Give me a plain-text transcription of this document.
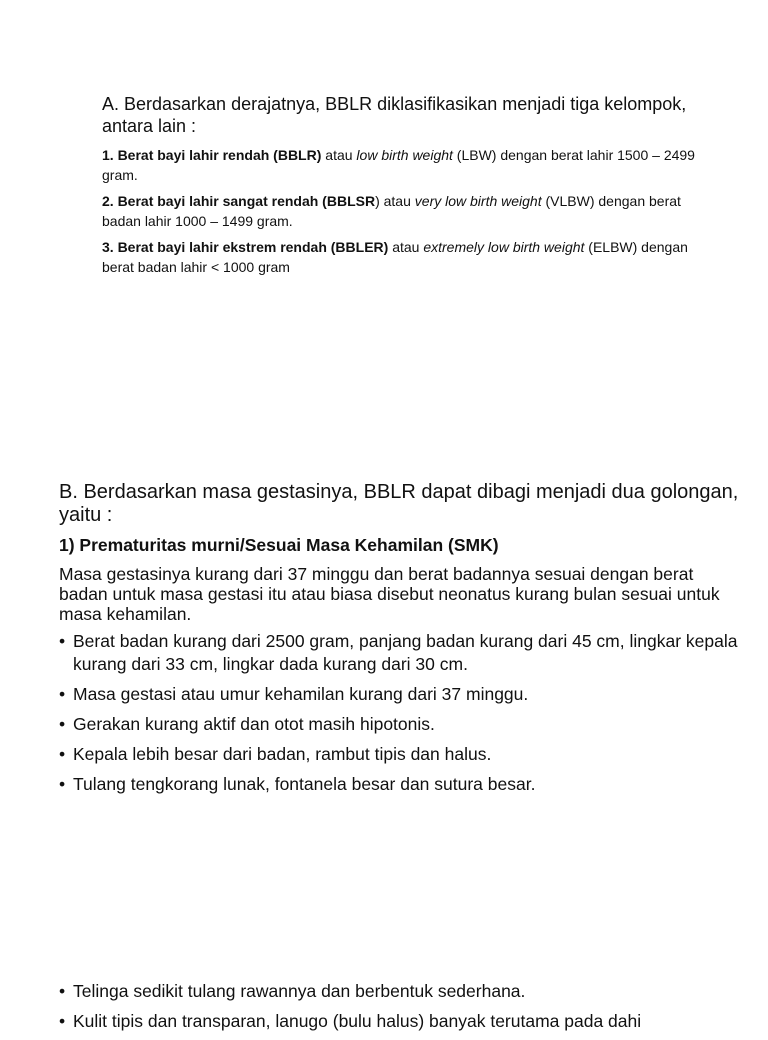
A. Berdasarkan derajatnya, BBLR diklasifikasikan menjadi tiga kelompok, antara lain :

1. Berat bayi lahir rendah (BBLR) atau low birth weight (LBW) dengan berat lahir 1500 – 2499 gram.

2. Berat bayi lahir sangat rendah (BBLSR) atau very low birth weight (VLBW) dengan berat badan lahir 1000 – 1499 gram.

3. Berat bayi lahir ekstrem rendah (BBLER) atau extremely low birth weight (ELBW) dengan berat badan lahir < 1000 gram

B. Berdasarkan masa gestasinya, BBLR dapat dibagi menjadi dua golongan, yaitu :

1) Prematuritas murni/Sesuai Masa Kehamilan (SMK)

Masa gestasinya kurang dari 37 minggu dan berat badannya sesuai dengan berat badan untuk masa gestasi itu atau biasa disebut neonatus kurang bulan sesuai untuk masa kehamilan.

• Berat badan kurang dari 2500 gram, panjang badan kurang dari 45 cm, lingkar kepala kurang dari 33 cm, lingkar dada kurang dari 30 cm.
• Masa gestasi atau umur kehamilan kurang dari 37 minggu.
• Gerakan kurang aktif dan otot masih hipotonis.
• Kepala lebih besar dari badan, rambut tipis dan halus.
• Tulang tengkorang lunak, fontanela besar dan sutura besar.
• Telinga sedikit tulang rawannya dan berbentuk sederhana.
• Kulit tipis dan transparan, lanugo (bulu halus) banyak terutama pada dahi
